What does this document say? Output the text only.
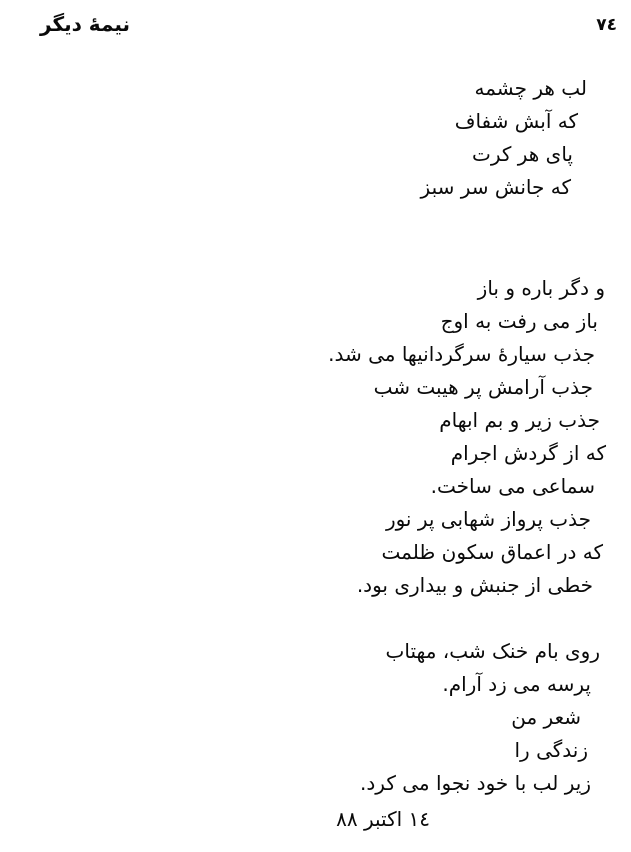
نیمۀ دیگر	٧٤
لب هر چشمه
که آبش شفاف
پای هر کرت
که جانش سر سبز
و دگر باره و باز
باز می رفت به اوج
جذب سیارۀ سرگردانیها می شد.
جذب آرامش پر هیبت شب
جذب زیر و بم ابهام
که از گردش اجرام
سماعی می ساخت.
جذب پرواز شهابی پر نور
که در اعماق سکون ظلمت
خطی از جنبش و بیداری بود.
روی بام خنک شب، مهتاب
پرسه می زد آرام.
شعر من
زندگی را
زیر لب با خود نجوا می کرد.
١٤ اکتبر ٨٨
